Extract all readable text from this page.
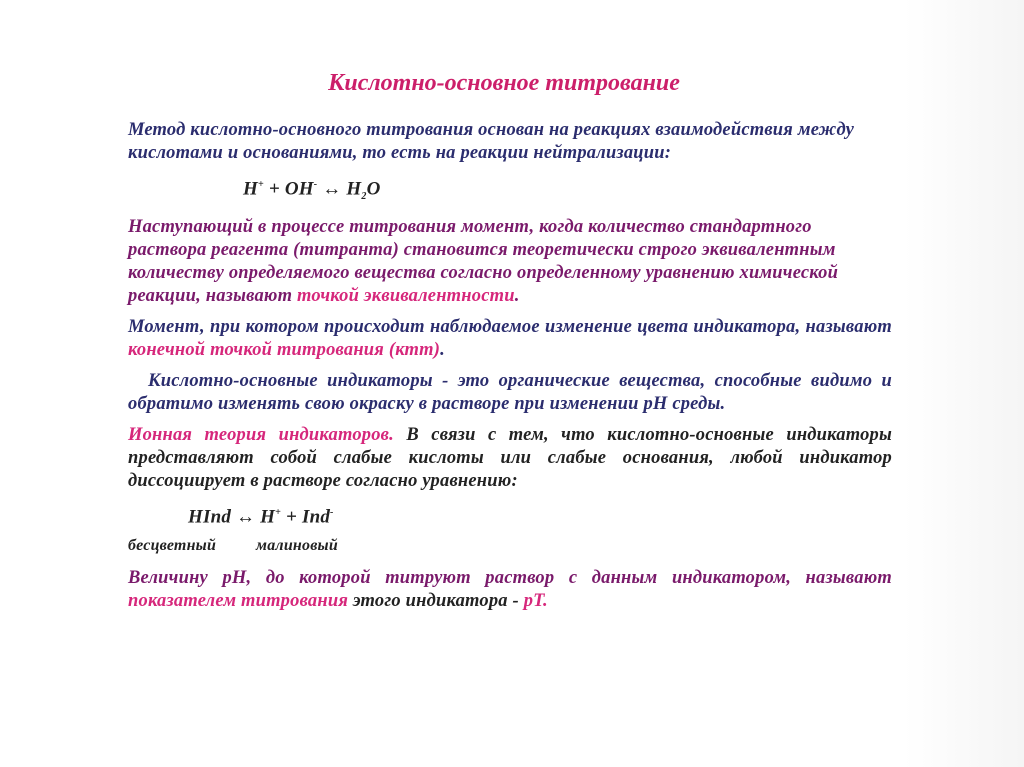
Кислотно-основное титрование

Метод кислотно-основного титрования основан на реакциях взаимодействия между кислотами и основаниями, то есть на реакции нейтрализации:

H+ + OH- ↔ $H_2O$

Наступающий в процессе титрования момент, когда количество стандартного раствора реагента (титранта) становится теоретически строго эквивалентным количеству определяемого вещества согласно определенному уравнению химической реакции, называют точкой эквивалентности.

Момент, при котором происходит наблюдаемое изменение цвета индикатора, называют конечной точкой титрования (ктт).

Кислотно-основные индикаторы - это органические вещества, способные видимо и обратимо изменять свою окраску в растворе при изменении pH среды.

Ионная теория индикаторов. В связи с тем, что кислотно-основные индикаторы представляют собой слабые кислоты или слабые основания, любой индикатор диссоциирует в растворе согласно уравнению:

HInd ↔ H+ + Ind-
бесцветный	малиновый

Величину pH, до которой титруют раствор с данным индикатором, называют показателем титрования этого индикатора - pT.
